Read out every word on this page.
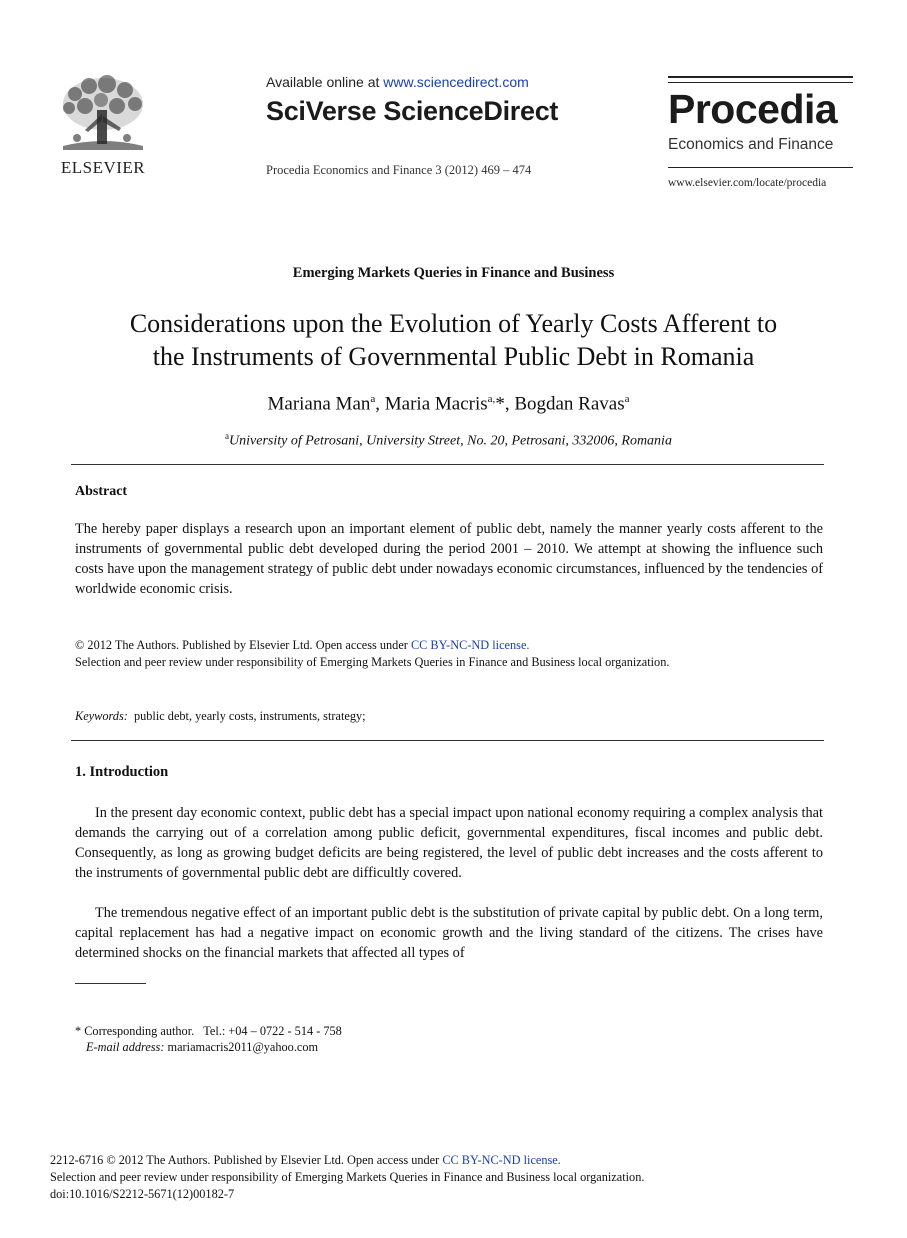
ELSEVIER
Available online at www.sciencedirect.com
SciVerse ScienceDirect
Procedia Economics and Finance 3 (2012) 469 – 474
Procedia
Economics and Finance
www.elsevier.com/locate/procedia
Emerging Markets Queries in Finance and Business
Considerations upon the Evolution of Yearly Costs Afferent to
the Instruments of Governmental Public Debt in Romania
Mariana Man$^a$, Maria Macris$^{a,}$*, Bogdan Ravas$^a$
$^a$University of Petrosani, University Street, No. 20, Petrosani, 332006, Romania
Abstract
The hereby paper displays a research upon an important element of public debt, namely the manner yearly costs afferent to the instruments of governmental public debt developed during the period 2001 – 2010. We attempt at showing the influence such costs have upon the management strategy of public debt under nowadays economic circumstances, influenced by the tendencies of worldwide economic crisis.
© 2012 The Authors. Published by Elsevier Ltd. Open access under CC BY-NC-ND license.
Selection and peer review under responsibility of Emerging Markets Queries in Finance and Business local organization.
Keywords: public debt, yearly costs, instruments, strategy;
1. Introduction
In the present day economic context, public debt has a special impact upon national economy requiring a complex analysis that demands the carrying out of a correlation among public deficit, governmental expenditures, fiscal incomes and public debt. Consequently, as long as growing budget deficits are being registered, the level of public debt increases and the costs afferent to the instruments of governmental public debt are difficultly covered.
The tremendous negative effect of an important public debt is the substitution of private capital by public debt. On a long term, capital replacement has had a negative impact on economic growth and the living standard of the citizens. The crises have determined shocks on the financial markets that affected all types of
* Corresponding author. Tel.: +04 – 0722 - 514 - 758
E-mail address: mariamacris2011@yahoo.com
2212-6716 © 2012 The Authors. Published by Elsevier Ltd. Open access under CC BY-NC-ND license.
Selection and peer review under responsibility of Emerging Markets Queries in Finance and Business local organization.
doi:10.1016/S2212-5671(12)00182-7
